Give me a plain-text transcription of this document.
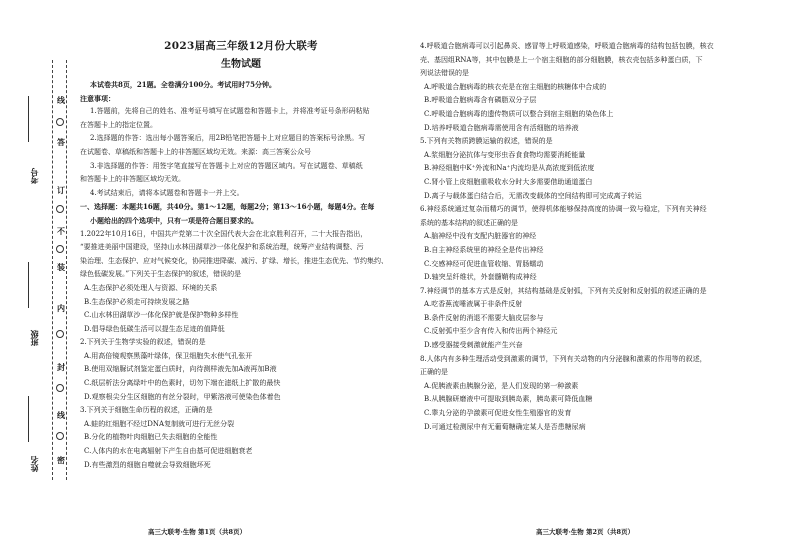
考号
班级
姓名
线
答
订
不
装
内
封
线
密
2023届高三年级12月份大联考
生物试题
本试卷共8页，21题。全卷满分100分。考试用时75分钟。
注意事项：
1.答题前，先将自己的姓名、准考证号填写在试题卷和答题卡上，并将准考证号条形码粘贴
在答题卡上的指定位置。
2.选择题的作答：选出每小题答案后，用2B铅笔把答题卡上对应题目的答案标号涂黑。写
在试题卷、草稿纸和答题卡上的非答题区域均无效。来源：高三答案公众号
3.非选择题的作答：用签字笔直接写在答题卡上对应的答题区域内。写在试题卷、草稿纸
和答题卡上的非答题区域均无效。
4.考试结束后，请将本试题卷和答题卡一并上交。
一、选择题：本题共16题，共40分。第1～12题，每题2分；第13～16小题，每题4分。在每
小题给出的四个选项中，只有一项是符合题目要求的。
1.2022年10月16日，中国共产党第二十次全国代表大会在北京胜利召开，二十大报告指出，
“要推进美丽中国建设，坚持山水林田湖草沙一体化保护和系统治理，统筹产业结构调整、污
染治理、生态保护、应对气候变化，协同推进降碳、减污、扩绿、增长，推进生态优先、节约集约、
绿色低碳发展。”下列关于生态保护的叙述，错误的是
A.生态保护必须处理人与资源、环境的关系
B.生态保护必须走可持续发展之路
C.山水林田湖草沙一体化保护就是保护物种多样性
D.倡导绿色低碳生活可以提生态足迹的值降低
2.下列关于生物学实验的叙述，错误的是
A.用高倍镜观察黑藻叶绿体，保卫细胞失水使气孔张开
B.使用双缩脲试剂鉴定蛋白质时，向待测样液先加A液再加B液
C.纸层析法分离绿叶中的色素时，切勿下端在滤纸上扩散的最快
D.观察根尖分生区细胞的有丝分裂时，甲紫溶液可使染色体着色
3.下列关于细胞生命历程的叙述，正确的是
A.蛙的红细胞不经过DNA复制就可进行无丝分裂
B.分化的植物叶肉细胞已失去细胞的全能性
C.人体内的水在电离辐射下产生自由基可促进细胞衰老
D.有些激烈的细胞自噬就会导致细胞坏死
4.呼吸道合胞病毒可以引起鼻炎、感冒等上呼吸道感染，呼吸道合胞病毒的结构包括包膜，核衣
壳、基因组RNA等，其中包膜是上一个宿主细胞的部分细胞膜，核衣壳包括多种蛋白质，下
列说法错误的是
A.呼吸道合胞病毒的核衣壳是在宿主细胞的核糖体中合成的
B.呼吸道合胞病毒含有磷脂双分子层
C.呼吸道合胞病毒的遗传物质可以整合到宿主细胞的染色体上
D.培养呼吸道合胞病毒需使用含有活细胞的培养液
5.下列有关物质跨膜运输的叙述，错误的是
A.浆细胞分泌抗体与变形虫吞食食物均需要消耗能量
B.神经细胞中K⁺外流和Na⁺内流均是从高浓度到低浓度
C.肾小管上皮细胞重吸收水分时大多需要借助通道蛋白
D.离子与载体蛋白结合后，无需改变载体的空间结构即可完成离子转运
6.神经系统通过复杂而精巧的调节，使得机体能够保持高度的协调一致与稳定，下列有关神经
系统的基本结构的叙述正确的是
A.脑神经中没有支配内脏器官的神经
B.自主神经系统里的神经全是传出神经
C.交感神经可促进血管收缩、胃肠蠕动
D.轴突呈纤维状，外套髓鞘构成神经
7.神经调节的基本方式是反射，其结构基础是反射弧，下列有关反射和反射弧的叙述正确的是
A.吃香蕉流唾液属于非条件反射
B.条件反射的消退不需要大脑皮层参与
C.反射弧中至少含有传入和传出两个神经元
D.感受器接受刺激就能产生兴奋
8.人体内有多种生理活动受到激素的调节，下列有关动物的内分泌腺和激素的作用等的叙述，
正确的是
A.促胰液素由胰腺分泌，是人们发现的第一种激素
B.从胰腺研磨液中可提取到胰岛素，胰岛素可降低血糖
C.睾丸分泌的孕激素可促进女性生殖器官的发育
D.可通过检测尿中有无葡萄糖确定某人是否患糖尿病
高三大联考·生物 第1页（共8页）	高三大联考·生物 第2页（共8页）
